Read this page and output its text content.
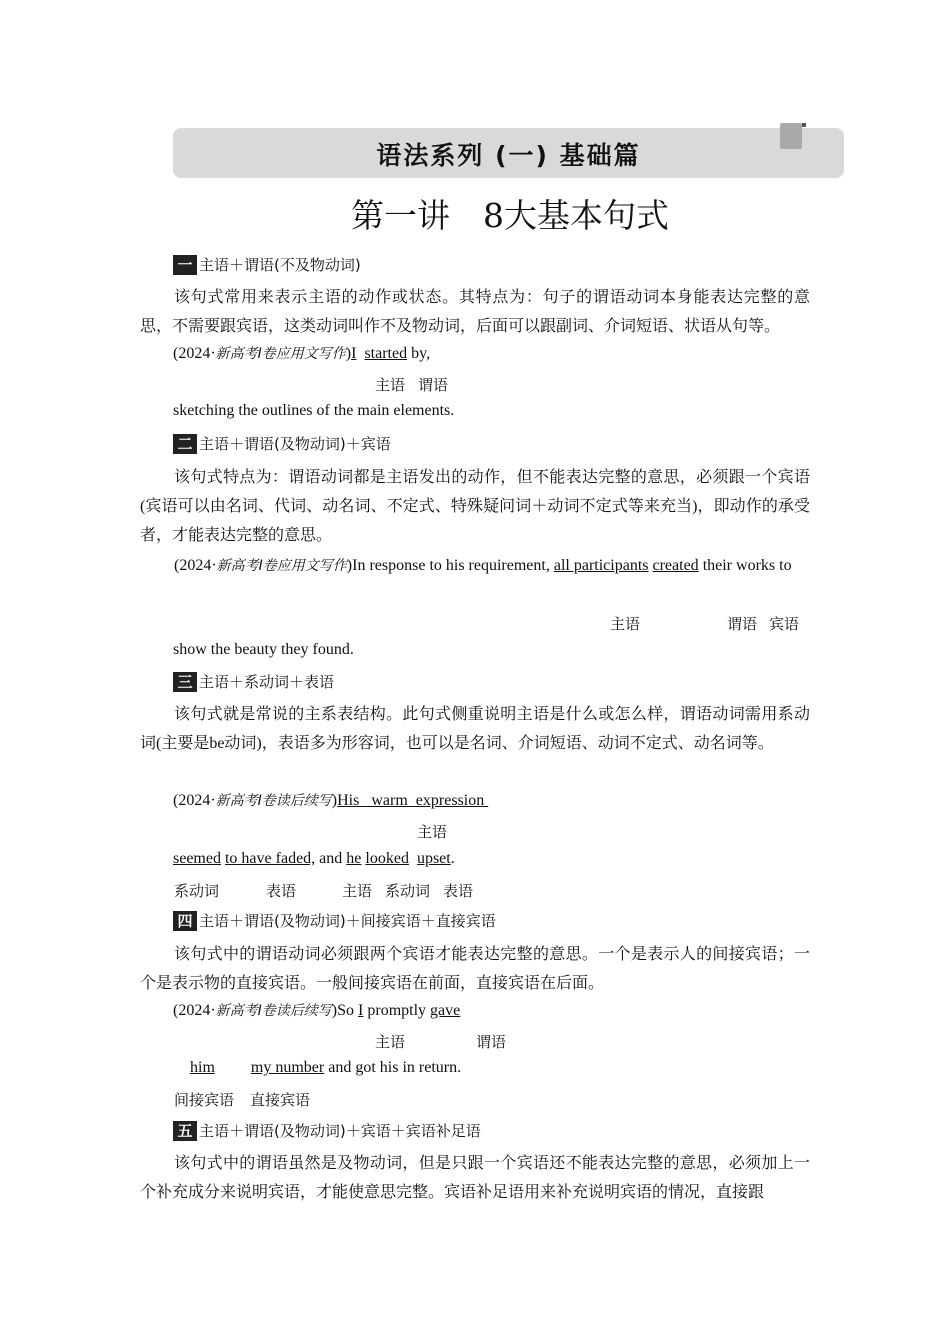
语法系列 (一) 基础篇
第一讲　8大基本句式
一 主语＋谓语(不及物动词)
该句式常用来表示主语的动作或状态。其特点为：句子的谓语动词本身能表达完整的意思，不需要跟宾语，这类动词叫作不及物动词，后面可以跟副词、介词短语、状语从句等。
(2024·新高考Ⅰ卷应用文写作)I started by,
主语 谓语
sketching the outlines of the main elements.
二 主语＋谓语(及物动词)＋宾语
该句式特点为：谓语动词都是主语发出的动作，但不能表达完整的意思，必须跟一个宾语(宾语可以由名词、代词、动名词、不定式、特殊疑问词＋动词不定式等来充当)，即动作的承受者，才能表达完整的意思。
(2024·新高考Ⅰ卷应用文写作)In response to his requirement, all participants created their works to
主语	谓语 宾语
show the beauty they found.
三 主语＋系动词＋表语
该句式就是常说的主系表结构。此句式侧重说明主语是什么或怎么样，谓语动词需用系动词(主要是be动词)，表语多为形容词，也可以是名词、介词短语、动词不定式、动名词等。
(2024·新高考Ⅰ卷读后续写)His   warm  expression
主语
seemed to have faded, and he looked upset.
系动词	表语	主语 系动词 表语
四 主语＋谓语(及物动词)＋间接宾语＋直接宾语
该句式中的谓语动词必须跟两个宾语才能表达完整的意思。一个是表示人的间接宾语；一个是表示物的直接宾语。一般间接宾语在前面，直接宾语在后面。
(2024·新高考Ⅰ卷读后续写)So I promptly gave
主语	谓语
him my number and got his in return.
间接宾语 直接宾语
五 主语＋谓语(及物动词)＋宾语＋宾语补足语
该句式中的谓语虽然是及物动词，但是只跟一个宾语还不能表达完整的意思，必须加上一个补充成分来说明宾语，才能使意思完整。宾语补足语用来补充说明宾语的情况，直接跟
